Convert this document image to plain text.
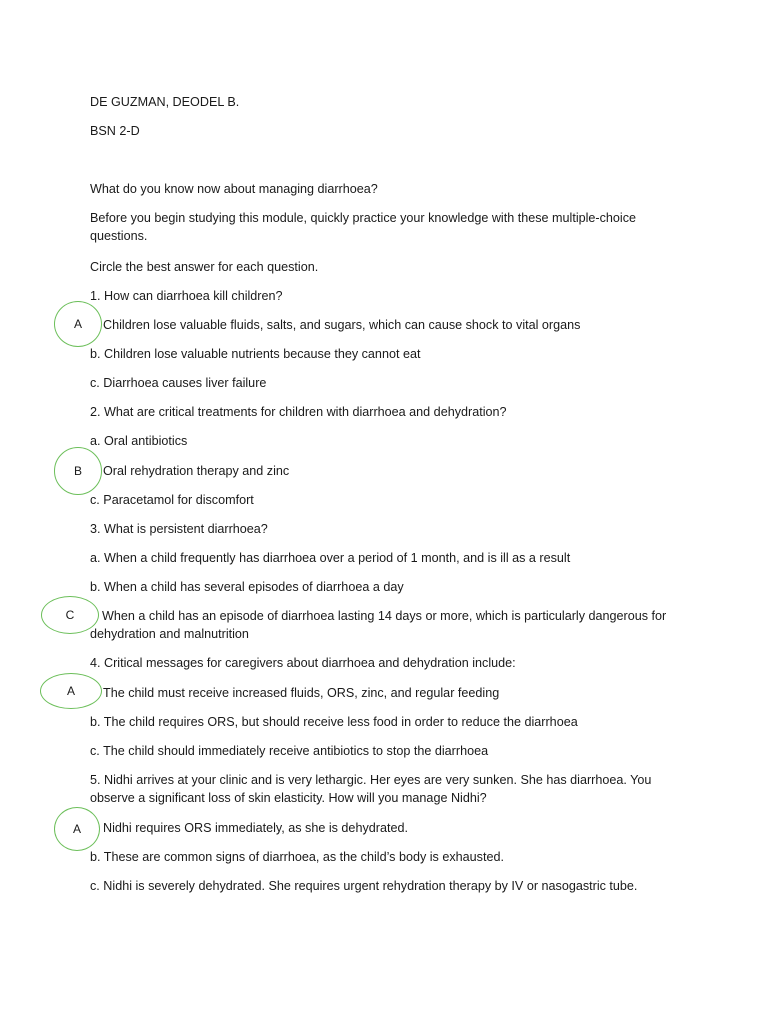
DE GUZMAN, DEODEL B.
BSN 2-D
What do you know now about managing diarrhoea?
Before you begin studying this module, quickly practice your knowledge with these multiple-choice questions.
Circle the best answer for each question.
1. How can diarrhoea kill children?
A Children lose valuable fluids, salts, and sugars, which can cause shock to vital organs
b. Children lose valuable nutrients because they cannot eat
c. Diarrhoea causes liver failure
2. What are critical treatments for children with diarrhoea and dehydration?
a. Oral antibiotics
B Oral rehydration therapy and zinc
c. Paracetamol for discomfort
3. What is persistent diarrhoea?
a. When a child frequently has diarrhoea over a period of 1 month, and is ill as a result
b. When a child has several episodes of diarrhoea a day
C	When a child has an episode of diarrhoea lasting 14 days or more, which is particularly dangerous for dehydration and malnutrition
4. Critical messages for caregivers about diarrhoea and dehydration include:
A The child must receive increased fluids, ORS, zinc, and regular feeding
b. The child requires ORS, but should receive less food in order to reduce the diarrhoea
c. The child should immediately receive antibiotics to stop the diarrhoea
5. Nidhi arrives at your clinic and is very lethargic. Her eyes are very sunken. She has diarrhoea. You observe a significant loss of skin elasticity. How will you manage Nidhi?
A Nidhi requires ORS immediately, as she is dehydrated.
b. These are common signs of diarrhoea, as the child’s body is exhausted.
c. Nidhi is severely dehydrated. She requires urgent rehydration therapy by IV or nasogastric tube.
